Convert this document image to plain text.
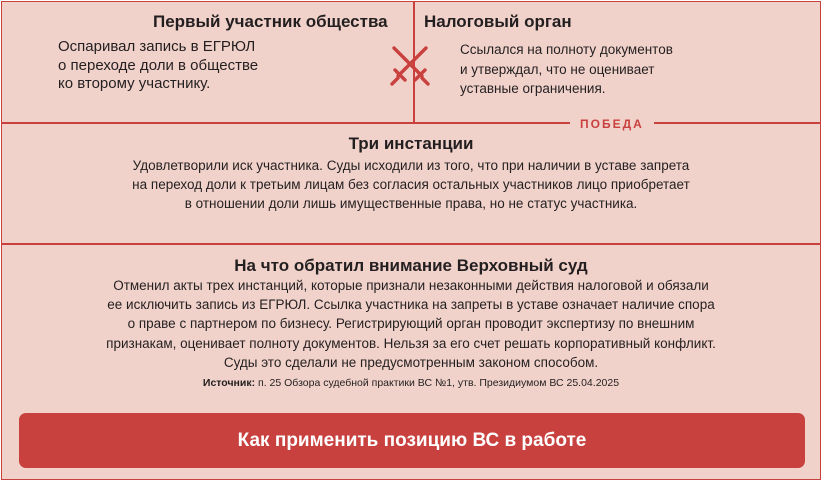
Первый участник общества
Оспаривал запись в ЕГРЮЛ
о переходе доли в обществе
ко второму участнику.
Налоговый орган
Ссылался на полноту документов
и утверждал, что не оценивает
уставные ограничения.
ПОБЕДА
Три инстанции
Удовлетворили иск участника. Суды исходили из того, что при наличии в уставе запрета
на переход доли к третьим лицам без согласия остальных участников лицо приобретает
в отношении доли лишь имущественные права, но не статус участника.
На что обратил внимание Верховный суд
Отменил акты трех инстанций, которые признали незаконными действия налоговой и обязали
ее исключить запись из ЕГРЮЛ. Ссылка участника на запреты в уставе означает наличие спора
о праве с партнером по бизнесу. Регистрирующий орган проводит экспертизу по внешним
признакам, оценивает полноту документов. Нельзя за его счет решать корпоративный конфликт.
Суды это сделали не предусмотренным законом способом.
Источник: п. 25 Обзора судебной практики ВС №1, утв. Президиумом ВС 25.04.2025
Как применить позицию ВС в работе
